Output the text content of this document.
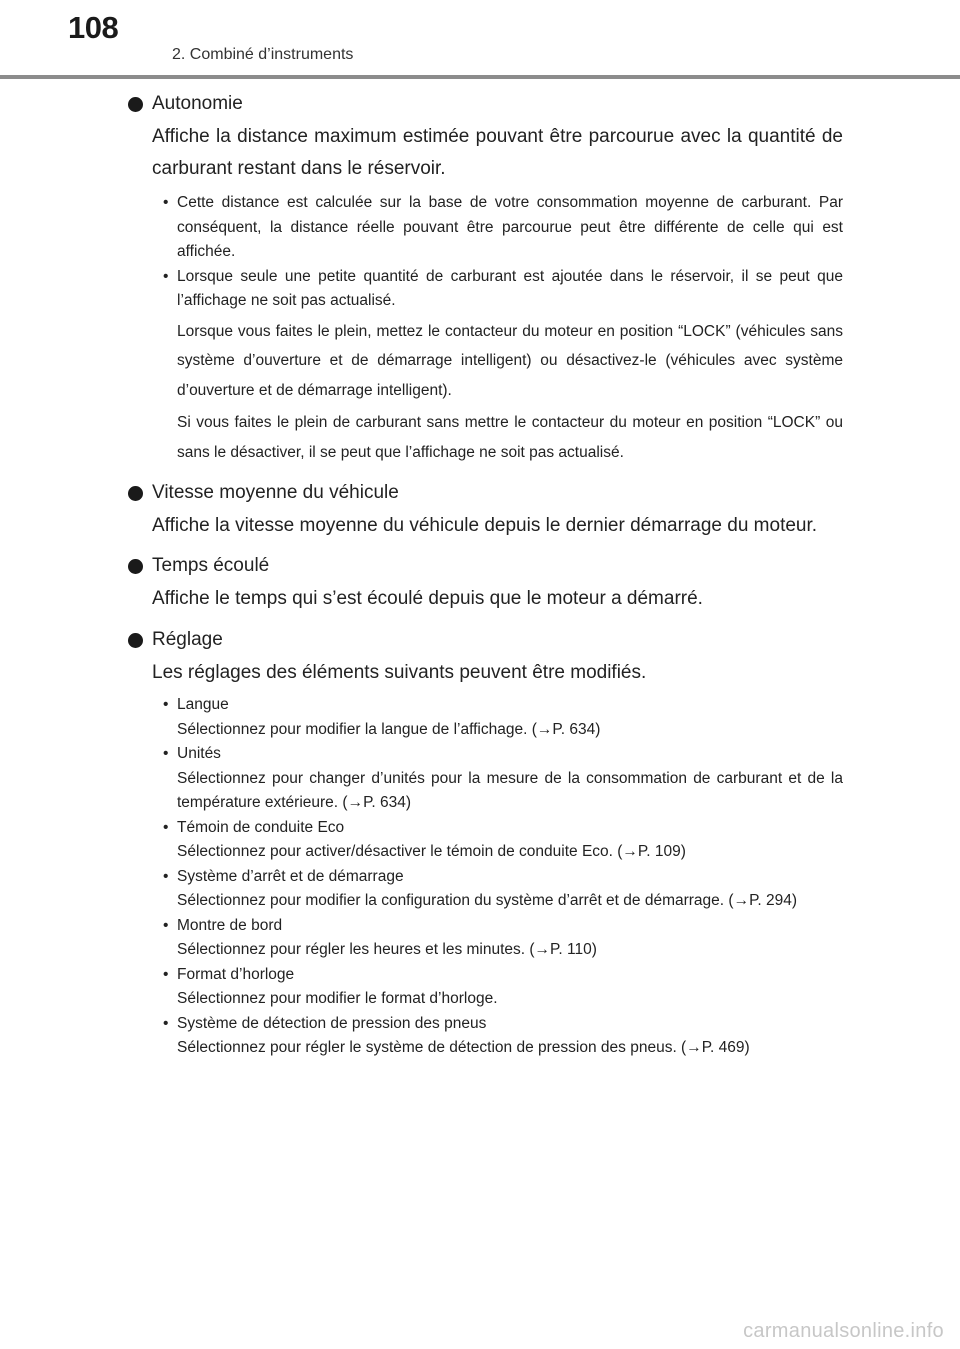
108
2. Combiné d’instruments
Autonomie
Affiche la distance maximum estimée pouvant être parcourue avec la quantité de carburant restant dans le réservoir.
• Cette distance est calculée sur la base de votre consommation moyenne de carburant. Par conséquent, la distance réelle pouvant être parcourue peut être différente de celle qui est affichée.
• Lorsque seule une petite quantité de carburant est ajoutée dans le réservoir, il se peut que l’affichage ne soit pas actualisé.
Lorsque vous faites le plein, mettez le contacteur du moteur en position “LOCK” (véhicules sans système d’ouverture et de démarrage intelligent) ou désactivez-le (véhicules avec système d’ouverture et de démarrage intelligent).
Si vous faites le plein de carburant sans mettre le contacteur du moteur en position “LOCK” ou sans le désactiver, il se peut que l’affichage ne soit pas actualisé.
Vitesse moyenne du véhicule
Affiche la vitesse moyenne du véhicule depuis le dernier démarrage du moteur.
Temps écoulé
Affiche le temps qui s’est écoulé depuis que le moteur a démarré.
Réglage
Les réglages des éléments suivants peuvent être modifiés.
• Langue
Sélectionnez pour modifier la langue de l’affichage. (→P. 634)
• Unités
Sélectionnez pour changer d’unités pour la mesure de la consommation de carburant et de la température extérieure. (→P. 634)
• Témoin de conduite Eco
Sélectionnez pour activer/désactiver le témoin de conduite Eco. (→P. 109)
• Système d’arrêt et de démarrage
Sélectionnez pour modifier la configuration du système d’arrêt et de démarrage. (→P. 294)
• Montre de bord
Sélectionnez pour régler les heures et les minutes. (→P. 110)
• Format d’horloge
Sélectionnez pour modifier le format d’horloge.
• Système de détection de pression des pneus
Sélectionnez pour régler le système de détection de pression des pneus. (→P. 469)
carmanualsonline.info
